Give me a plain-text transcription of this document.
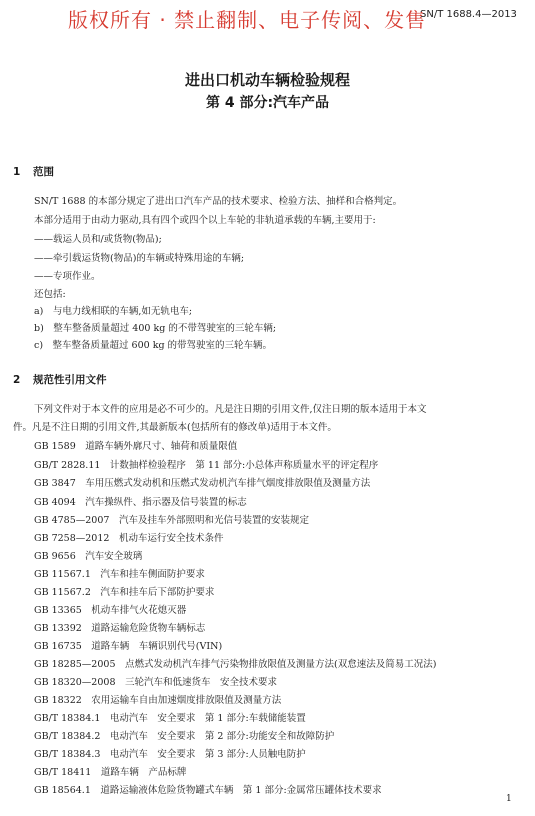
版权所有 · 禁止翻制、电子传阅、发售
SN/T 1688.4—2013
进出口机动车辆检验规程
第 4 部分:汽车产品
1 范围
SN/T 1688 的本部分规定了进出口汽车产品的技术要求、检验方法、抽样和合格判定。
本部分适用于由动力驱动,具有四个或四个以上车轮的非轨道承载的车辆,主要用于:
——载运人员和/或货物(物品);
——牵引载运货物(物品)的车辆或特殊用途的车辆;
——专项作业。
还包括:
a)　与电力线相联的车辆,如无轨电车;
b)　整车整备质量超过 400 kg 的不带驾驶室的三轮车辆;
c)　整车整备质量超过 600 kg 的带驾驶室的三轮车辆。
2 规范性引用文件
下列文件对于本文件的应用是必不可少的。凡是注日期的引用文件,仅注日期的版本适用于本文
件。凡是不注日期的引用文件,其最新版本(包括所有的修改单)适用于本文件。
GB 1589　道路车辆外廓尺寸、轴荷和质量限值
GB/T 2828.11　计数抽样检验程序　第 11 部分:小总体声称质量水平的评定程序
GB 3847　车用压燃式发动机和压燃式发动机汽车排气烟度排放限值及测量方法
GB 4094　汽车操纵件、指示器及信号装置的标志
GB 4785—2007　汽车及挂车外部照明和光信号装置的安装规定
GB 7258—2012　机动车运行安全技术条件
GB 9656　汽车安全玻璃
GB 11567.1　汽车和挂车侧面防护要求
GB 11567.2　汽车和挂车后下部防护要求
GB 13365　机动车排气火花熄灭器
GB 13392　道路运输危险货物车辆标志
GB 16735　道路车辆　车辆识别代号(VIN)
GB 18285—2005　点燃式发动机汽车排气污染物排放限值及测量方法(双怠速法及简易工况法)
GB 18320—2008　三轮汽车和低速货车　安全技术要求
GB 18322　农用运输车自由加速烟度排放限值及测量方法
GB/T 18384.1　电动汽车　安全要求　第 1 部分:车载储能装置
GB/T 18384.2　电动汽车　安全要求　第 2 部分:功能安全和故障防护
GB/T 18384.3　电动汽车　安全要求　第 3 部分:人员触电防护
GB/T 18411　道路车辆　产品标牌
GB 18564.1　道路运输液体危险货物罐式车辆　第 1 部分:金属常压罐体技术要求
1
